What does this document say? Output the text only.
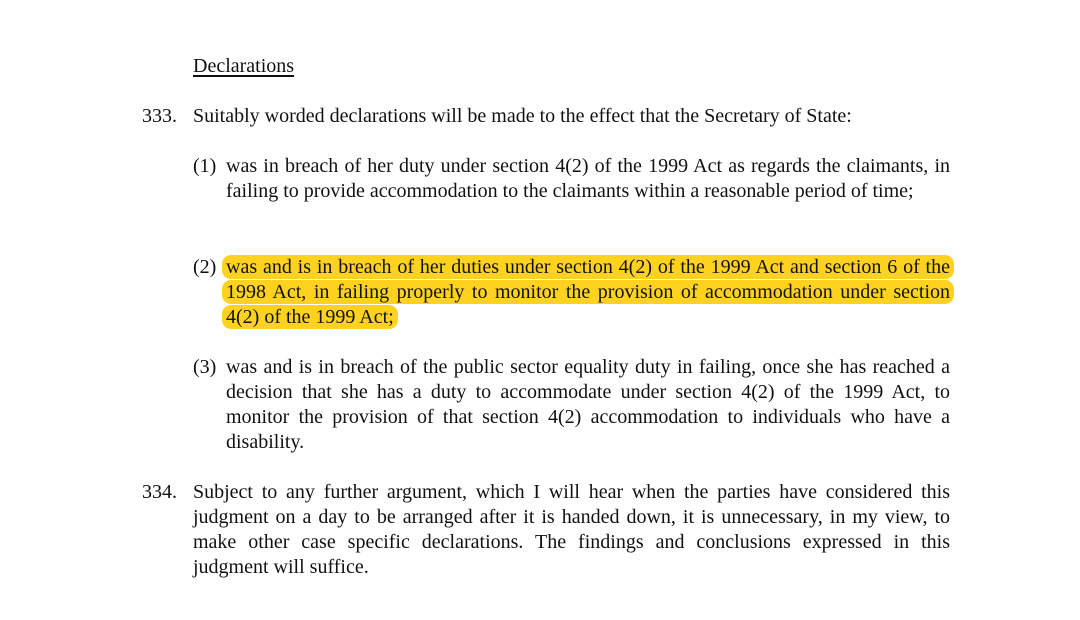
Declarations
333. Suitably worded declarations will be made to the effect that the Secretary of State:
(1) was in breach of her duty under section 4(2) of the 1999 Act as regards the claimants, in failing to provide accommodation to the claimants within a reasonable period of time;
(2) was and is in breach of her duties under section 4(2) of the 1999 Act and section 6 of the 1998 Act, in failing properly to monitor the provision of accommodation under section 4(2) of the 1999 Act;
(3) was and is in breach of the public sector equality duty in failing, once she has reached a decision that she has a duty to accommodate under section 4(2) of the 1999 Act, to monitor the provision of that section 4(2) accommodation to individuals who have a disability.
334. Subject to any further argument, which I will hear when the parties have considered this judgment on a day to be arranged after it is handed down, it is unnecessary, in my view, to make other case specific declarations. The findings and conclusions expressed in this judgment will suffice.
